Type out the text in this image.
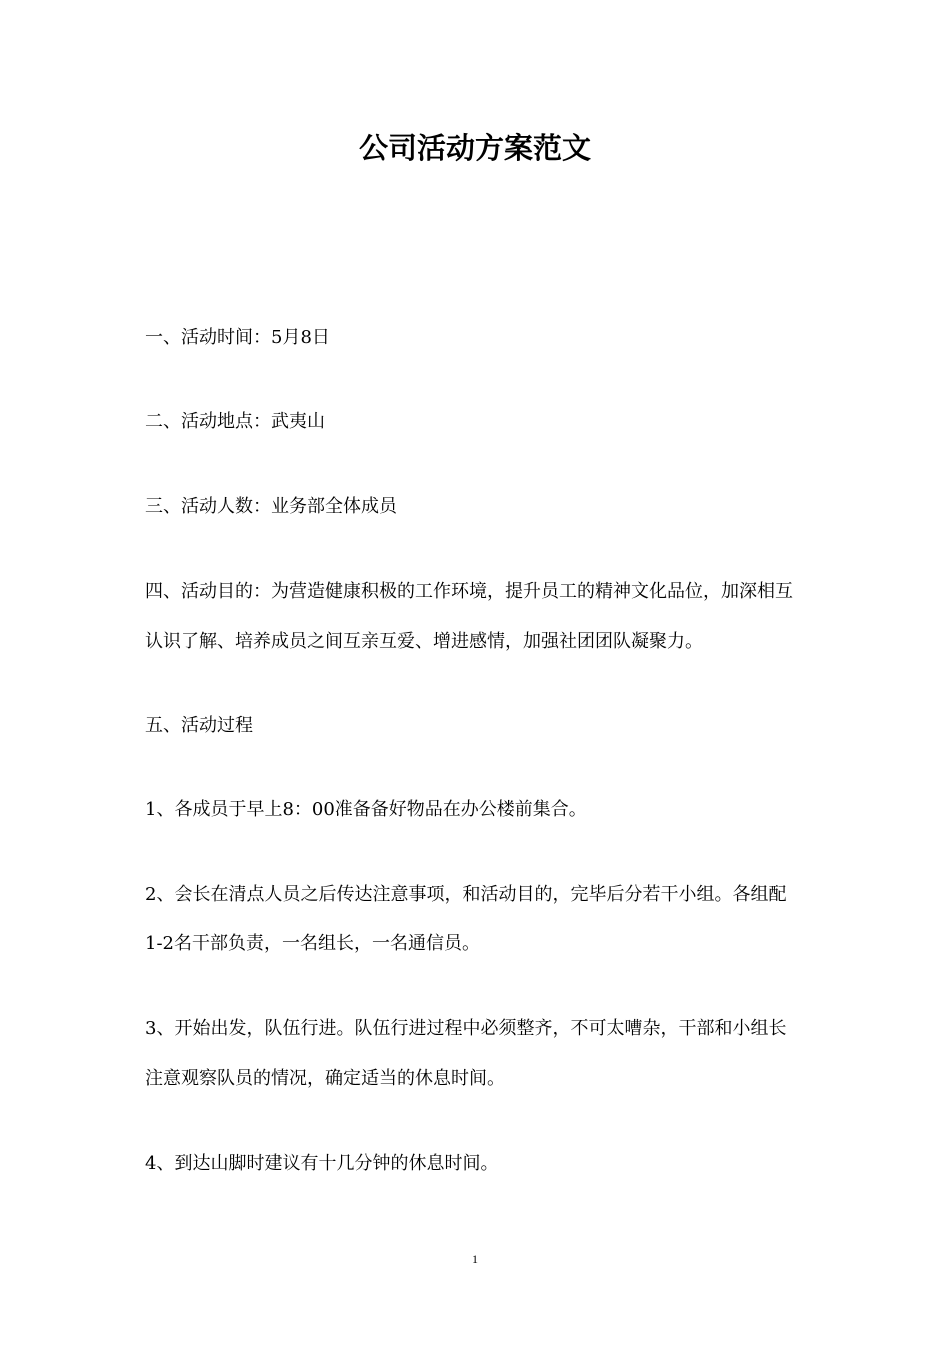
公司活动方案范文

一、活动时间：5月8日

二、活动地点：武夷山

三、活动人数：业务部全体成员

四、活动目的：为营造健康积极的工作环境，提升员工的精神文化品位，加深相互

认识了解、培养成员之间互亲互爱、增进感情，加强社团团队凝聚力。

五、活动过程

1、各成员于早上8：00准备备好物品在办公楼前集合。

2、会长在清点人员之后传达注意事项，和活动目的，完毕后分若干小组。各组配

1-2名干部负责，一名组长，一名通信员。

3、开始出发，队伍行进。队伍行进过程中必须整齐，不可太嘈杂，干部和小组长

注意观察队员的情况，确定适当的休息时间。

4、到达山脚时建议有十几分钟的休息时间。

1
